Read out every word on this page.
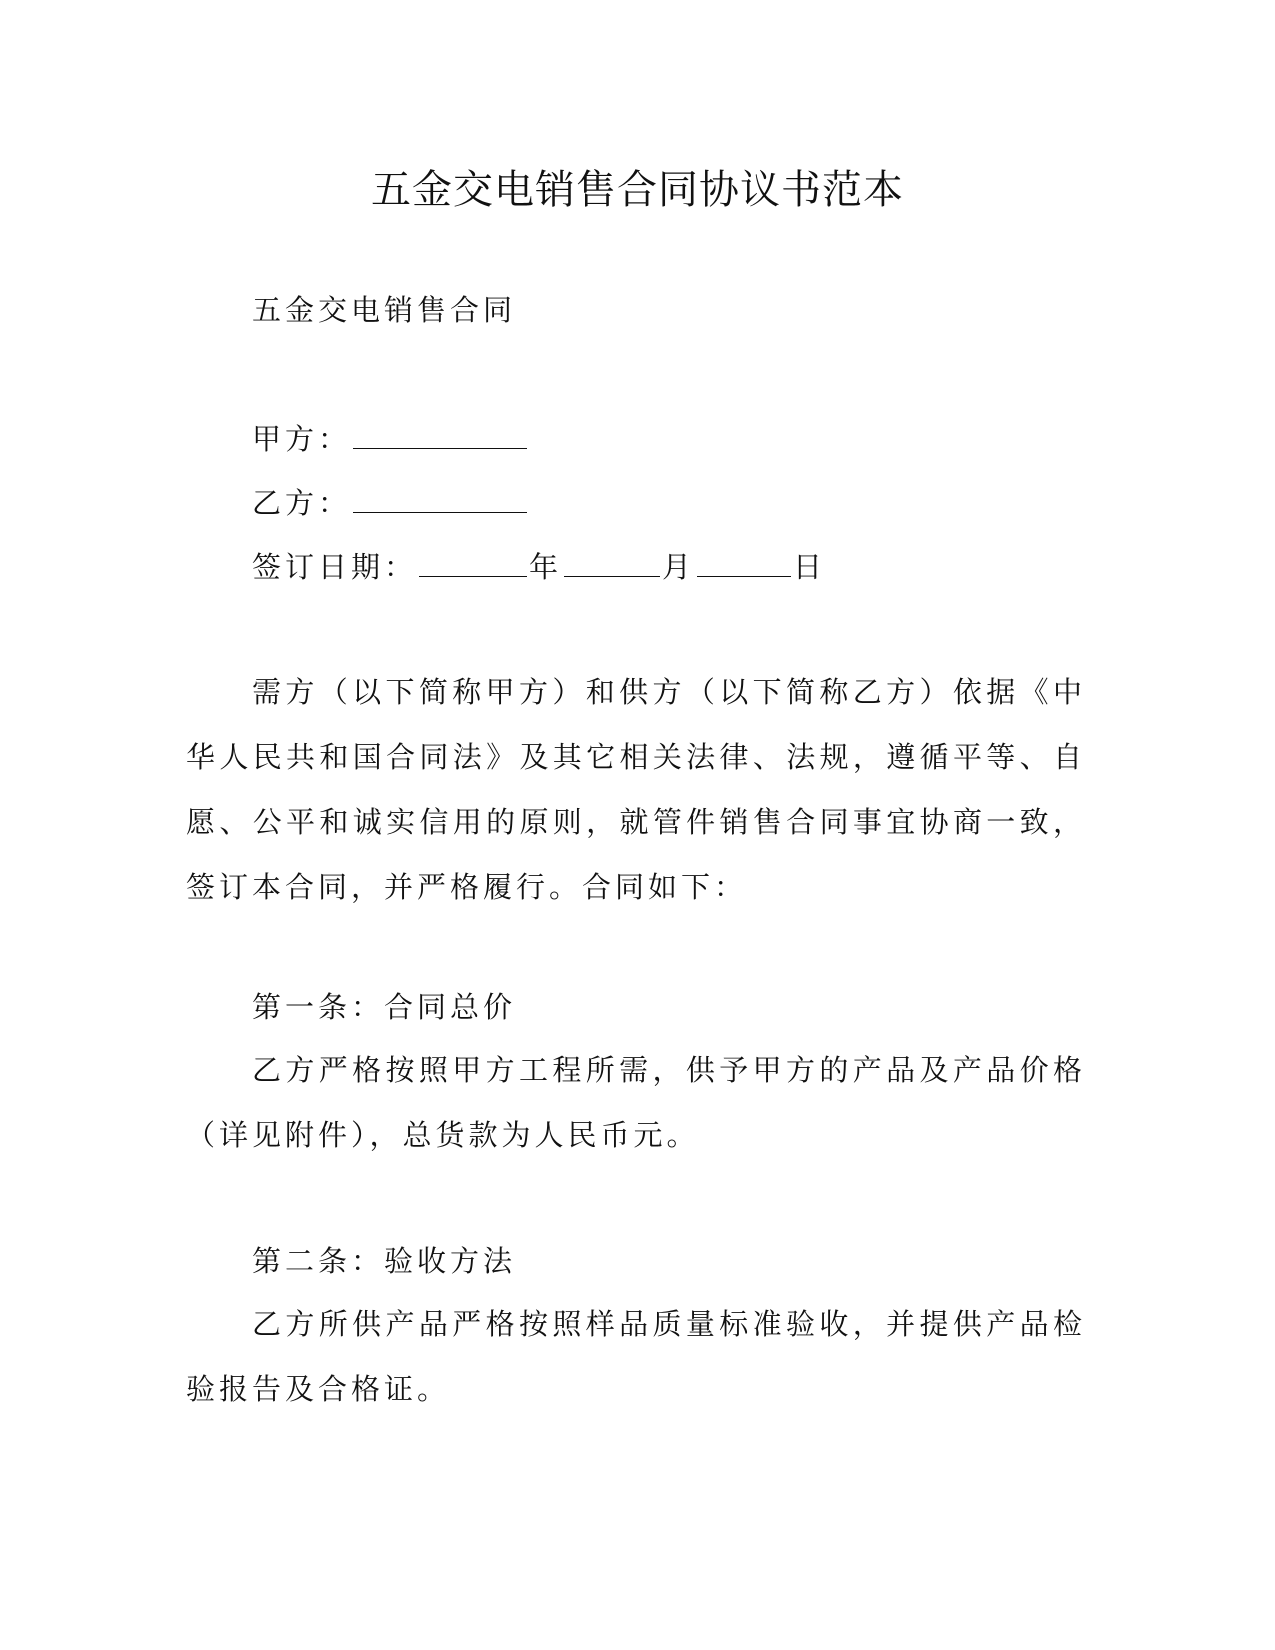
五金交电销售合同协议书范本
五金交电销售合同
甲方：
乙方：
签订日期：	年	月	日
需方（以下简称甲方）和供方（以下简称乙方）依据《中华人民共和国合同法》及其它相关法律、法规，遵循平等、自愿、公平和诚实信用的原则，就管件销售合同事宜协商一致，签订本合同，并严格履行。合同如下：
第一条：合同总价
乙方严格按照甲方工程所需，供予甲方的产品及产品价格（详见附件），总货款为人民币元。
第二条：验收方法
乙方所供产品严格按照样品质量标准验收，并提供产品检验报告及合格证。
